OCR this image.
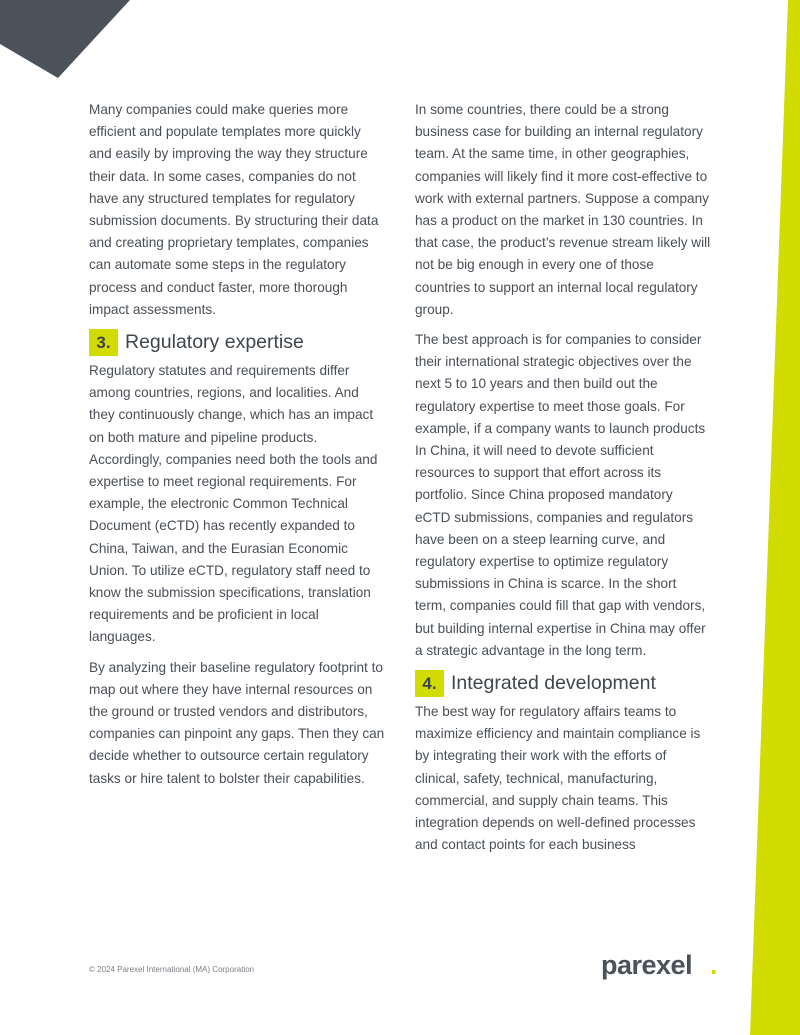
Many companies could make queries more efficient and populate templates more quickly and easily by improving the way they structure their data. In some cases, companies do not have any structured templates for regulatory submission documents. By structuring their data and creating proprietary templates, companies can automate some steps in the regulatory process and conduct faster, more thorough impact assessments.

3. Regulatory expertise

Regulatory statutes and requirements differ among countries, regions, and localities. And they continuously change, which has an impact on both mature and pipeline products. Accordingly, companies need both the tools and expertise to meet regional requirements. For example, the electronic Common Technical Document (eCTD) has recently expanded to China, Taiwan, and the Eurasian Economic Union. To utilize eCTD, regulatory staff need to know the submission specifications, translation requirements and be proficient in local languages.

By analyzing their baseline regulatory footprint to map out where they have internal resources on the ground or trusted vendors and distributors, companies can pinpoint any gaps. Then they can decide whether to outsource certain regulatory tasks or hire talent to bolster their capabilities.

In some countries, there could be a strong business case for building an internal regulatory team. At the same time, in other geographies, companies will likely find it more cost-effective to work with external partners. Suppose a company has a product on the market in 130 countries. In that case, the product’s revenue stream likely will not be big enough in every one of those countries to support an internal local regulatory group.

The best approach is for companies to consider their international strategic objectives over the next 5 to 10 years and then build out the regulatory expertise to meet those goals. For example, if a company wants to launch products In China, it will need to devote sufficient resources to support that effort across its portfolio. Since China proposed mandatory eCTD submissions, companies and regulators have been on a steep learning curve, and regulatory expertise to optimize regulatory submissions in China is scarce. In the short term, companies could fill that gap with vendors, but building internal expertise in China may offer a strategic advantage in the long term.

4. Integrated development

The best way for regulatory affairs teams to maximize efficiency and maintain compliance is by integrating their work with the efforts of clinical, safety, technical, manufacturing, commercial, and supply chain teams. This integration depends on well-defined processes and contact points for each business

© 2024 Parexel International (MA) Corporation	parexel .
